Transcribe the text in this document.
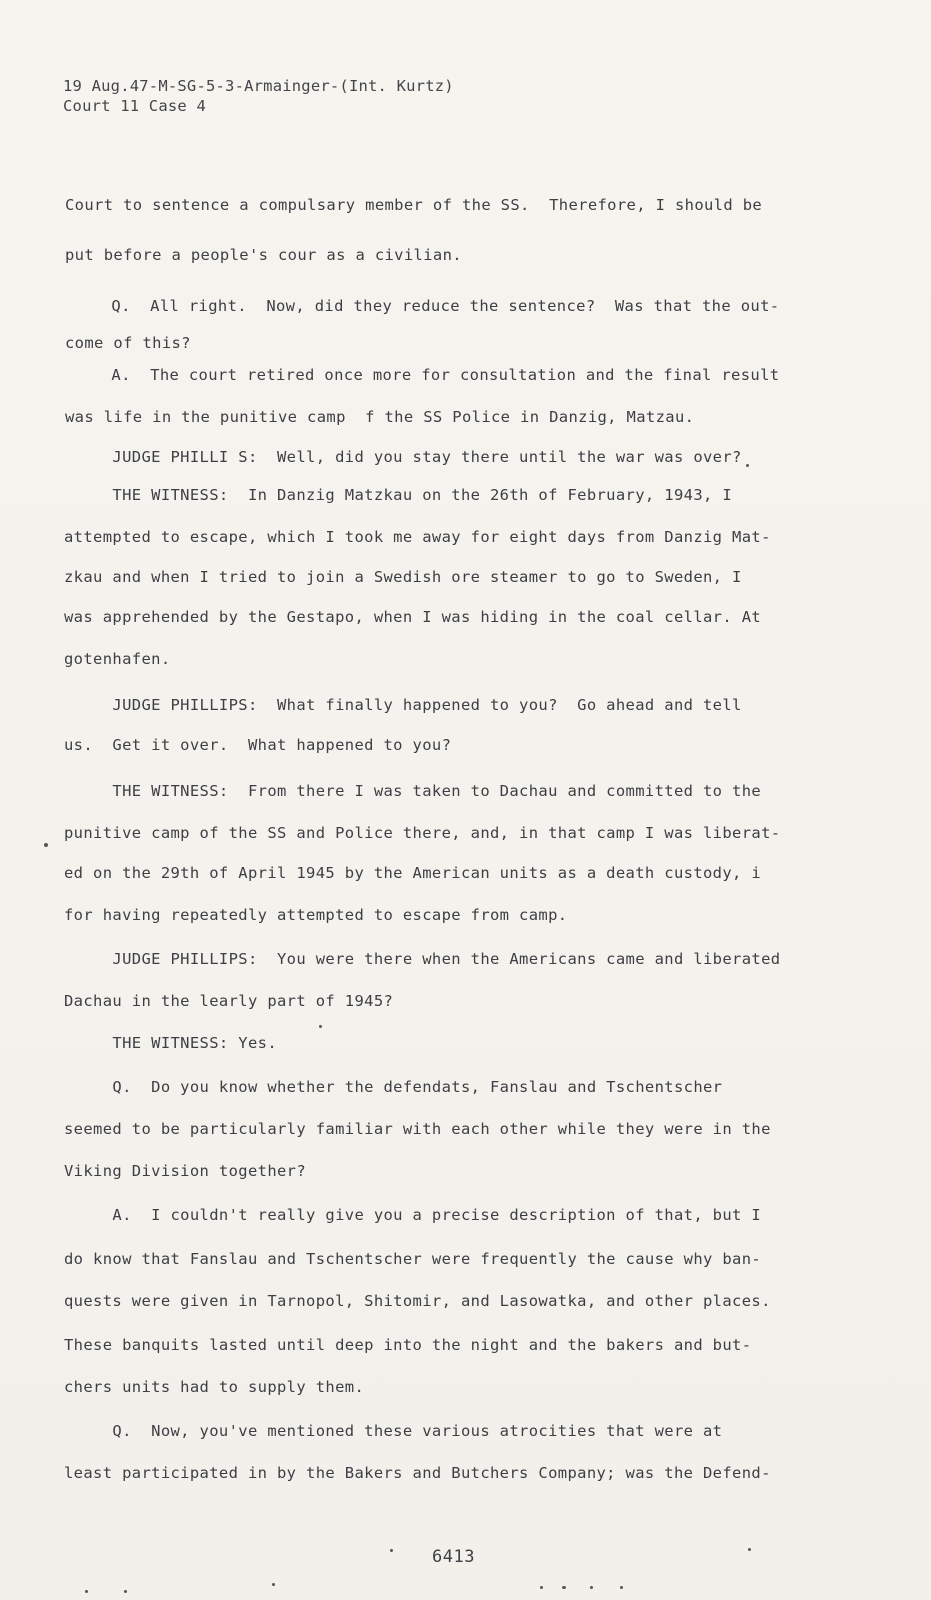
19 Aug.47-M-SG-5-3-Armainger-(Int. Kurtz)
Court 11 Case 4
Court to sentence a compulsary member of the SS.  Therefore, I should be
put before a people's cour as a civilian.
Q.  All right.  Now, did they reduce the sentence?  Was that the out-
come of this?
A.  The court retired once more for consultation and the final result
was life in the punitive camp  f the SS Police in Danzig, Matzau.
JUDGE PHILLI S:  Well, did you stay there until the war was over?
THE WITNESS:  In Danzig Matzkau on the 26th of February, 1943, I
attempted to escape, which I took me away for eight days from Danzig Mat-
zkau and when I tried to join a Swedish ore steamer to go to Sweden, I
was apprehended by the Gestapo, when I was hiding in the coal cellar. At
gotenhafen.
JUDGE PHILLIPS:  What finally happened to you?  Go ahead and tell
us.  Get it over.  What happened to you?
THE WITNESS:  From there I was taken to Dachau and committed to the
punitive camp of the SS and Police there, and, in that camp I was liberat-
ed on the 29th of April 1945 by the American units as a death custody, i
for having repeatedly attempted to escape from camp.
JUDGE PHILLIPS:  You were there when the Americans came and liberated
Dachau in the learly part of 1945?
THE WITNESS: Yes.
Q.  Do you know whether the defendats, Fanslau and Tschentscher
seemed to be particularly familiar with each other while they were in the
Viking Division together?
A.  I couldn't really give you a precise description of that, but I
do know that Fanslau and Tschentscher were frequently the cause why ban-
quests were given in Tarnopol, Shitomir, and Lasowatka, and other places.
These banquits lasted until deep into the night and the bakers and but-
chers units had to supply them.
Q.  Now, you've mentioned these various atrocities that were at
least participated in by the Bakers and Butchers Company; was the Defend-
6413
